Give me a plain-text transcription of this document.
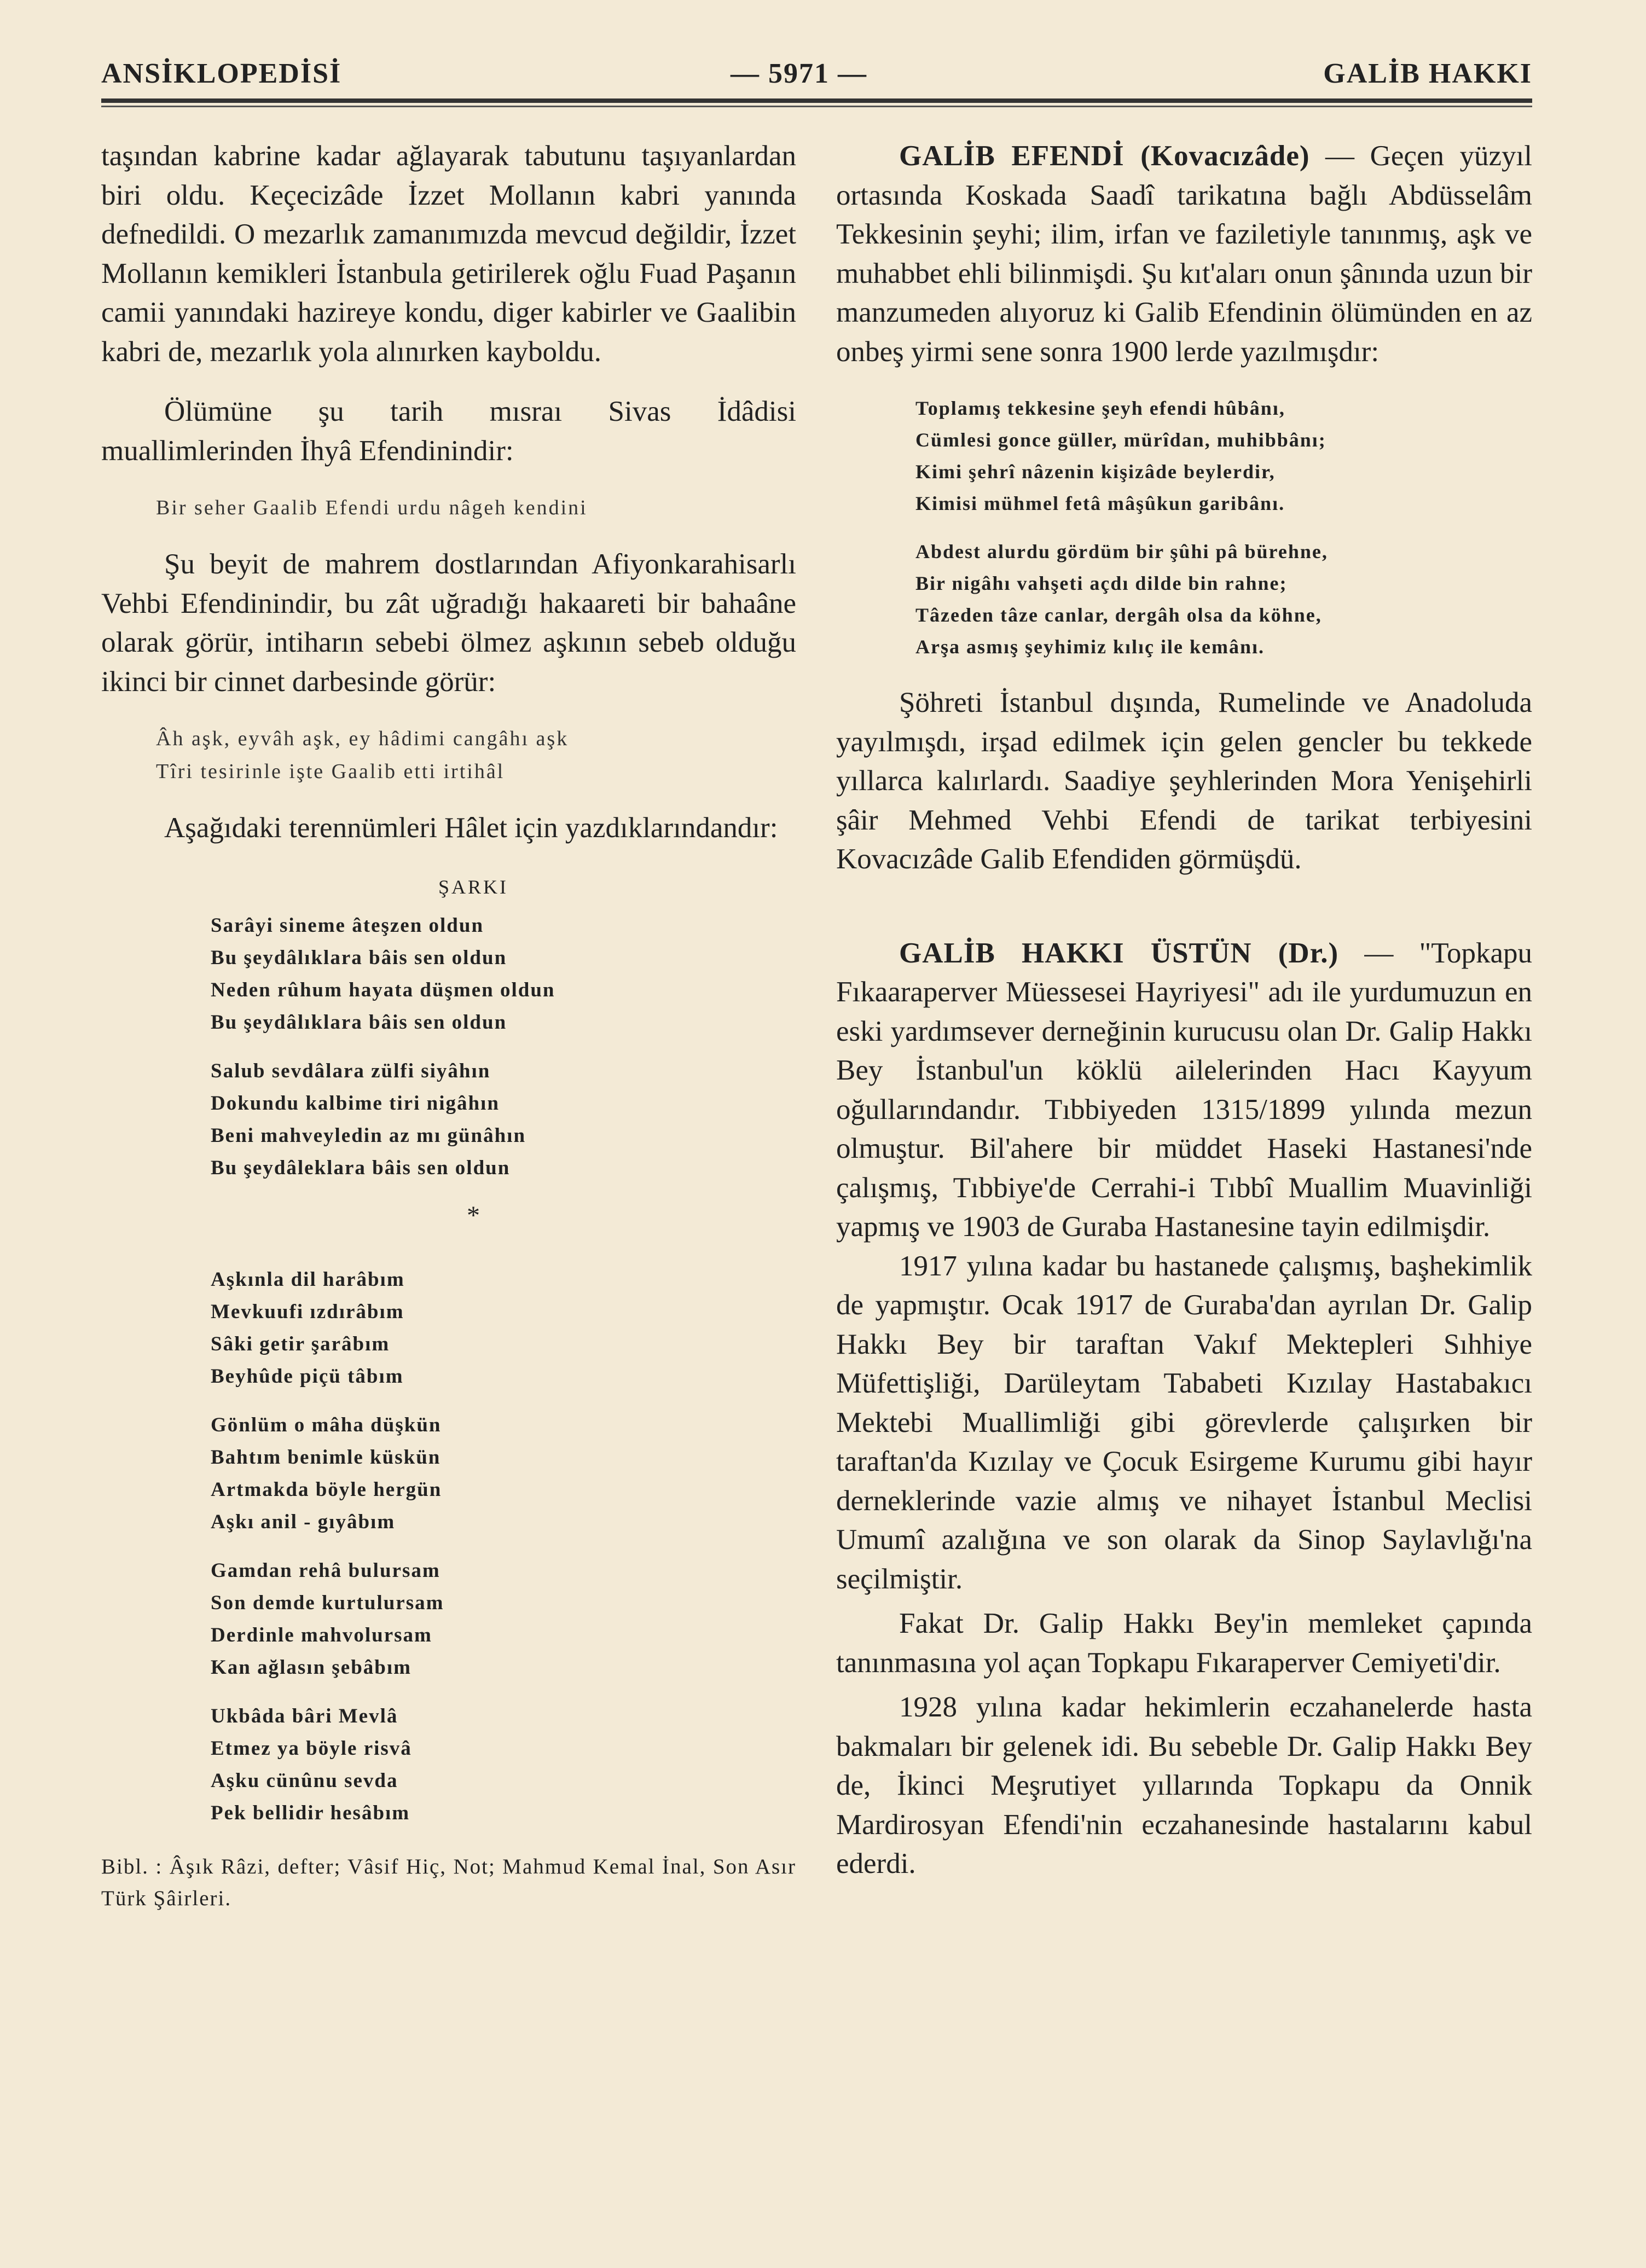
ANSİKLOPEDİSİ	— 5971 —	GALİB HAKKI

taşından kabrine kadar ağlayarak tabutunu taşıyanlardan biri oldu. Keçecizâde İzzet Mollanın kabri yanında defnedildi. O mezarlık zamanımızda mevcud değildir, İzzet Mollanın kemikleri İstanbula getirilerek oğlu Fuad Paşanın camii yanındaki hazireye kondu, diger kabirler ve Gaalibin kabri de, mezarlık yola alınırken kayboldu.

Ölümüne şu tarih mısraı Sivas İdâdisi muallimlerinden İhyâ Efendinindir:

Bir seher Gaalib Efendi urdu nâgeh kendini

Şu beyit de mahrem dostlarından Afiyonkarahisarlı Vehbi Efendinindir, bu zât uğradığı hakaareti bir bahaâne olarak görür, intiharın sebebi ölmez aşkının sebeb olduğu ikinci bir cinnet darbesinde görür:

Âh aşk, eyvâh aşk, ey hâdimi cangâhı aşk
Tîri tesirinle işte Gaalib etti irtihâl

Aşağıdaki terennümleri Hâlet için yazdıklarındandır:

ŞARKI
Sarâyi sineme âteşzen oldun
Bu şeydâlıklara bâis sen oldun
Neden rûhum hayata düşmen oldun
Bu şeydâlıklara bâis sen oldun
Salub sevdâlara zülfi siyâhın
Dokundu kalbime tiri nigâhın
Beni mahveyledin az mı günâhın
Bu şeydâleklara bâis sen oldun
*
Aşkınla dil harâbım
Mevkuufi ızdırâbım
Sâki getir şarâbım
Beyhûde piçü tâbım
Gönlüm o mâha düşkün
Bahtım benimle küskün
Artmakda böyle hergün
Aşkı anil - gıyâbım
Gamdan rehâ bulursam
Son demde kurtulursam
Derdinle mahvolursam
Kan ağlasın şebâbım
Ukbâda bâri Mevlâ
Etmez ya böyle risvâ
Aşku cünûnu sevda
Pek bellidir hesâbım
Bibl. : Âşık Râzi, defter; Vâsif Hiç, Not; Mahmud Kemal İnal, Son Asır Türk Şâirleri.

GALİB EFENDİ (Kovacızâde) — Geçen yüzyıl ortasında Koskada Saadî tarikatına bağlı Abdüsselâm Tekkesinin şeyhi; ilim, irfan ve faziletiyle tanınmış, aşk ve muhabbet ehli bilinmişdi. Şu kıt'aları onun şânında uzun bir manzumeden alıyoruz ki Galib Efendinin ölümünden en az onbeş yirmi sene sonra 1900 lerde yazılmışdır:

Toplamış tekkesine şeyh efendi hûbânı,
Cümlesi gonce güller, mürîdan, muhibbânı;
Kimi şehrî nâzenin kişizâde beylerdir,
Kimisi mühmel fetâ mâşûkun garibânı.
Abdest alurdu gördüm bir şûhi pâ bürehne,
Bir nigâhı vahşeti açdı dilde bin rahne;
Tâzeden tâze canlar, dergâh olsa da köhne,
Arşa asmış şeyhimiz kılıç ile kemânı.

Şöhreti İstanbul dışında, Rumelinde ve Anadoluda yayılmışdı, irşad edilmek için gelen gencler bu tekkede yıllarca kalırlardı. Saadiye şeyhlerinden Mora Yenişehirli şâir Mehmed Vehbi Efendi de tarikat terbiyesini Kovacızâde Galib Efendiden görmüşdü.

GALİB HAKKI ÜSTÜN (Dr.) — "Topkapu Fıkaaraperver Müessesei Hayriyesi" adı ile yurdumuzun en eski yardımsever derneğinin kurucusu olan Dr. Galip Hakkı Bey İstanbul'un köklü ailelerinden Hacı Kayyum oğullarındandır. Tıbbiyeden 1315/1899 yılında mezun olmuştur. Bil'ahere bir müddet Haseki Hastanesi'nde çalışmış, Tıbbiye'de Cerrahi-i Tıbbî Muallim Muavinliği yapmış ve 1903 de Guraba Hastanesine tayin edilmişdir.

1917 yılına kadar bu hastanede çalışmış, başhekimlik de yapmıştır. Ocak 1917 de Guraba'dan ayrılan Dr. Galip Hakkı Bey bir taraftan Vakıf Mektepleri Sıhhiye Müfettişliği, Darüleytam Tababeti Kızılay Hastabakıcı Mektebi Muallimliği gibi görevlerde çalışırken bir taraftan'da Kızılay ve Çocuk Esirgeme Kurumu gibi hayır derneklerinde vazie almış ve nihayet İstanbul Meclisi Umumî azalığına ve son olarak da Sinop Saylavlığı'na seçilmiştir.

Fakat Dr. Galip Hakkı Bey'in memleket çapında tanınmasına yol açan Topkapu Fıkaraperver Cemiyeti'dir.

1928 yılına kadar hekimlerin eczahanelerde hasta bakmaları bir gelenek idi. Bu sebeble Dr. Galip Hakkı Bey de, İkinci Meşrutiyet yıllarında Topkapu da Onnik Mardirosyan Efendi'nin eczahanesinde hastalarını kabul ederdi.
